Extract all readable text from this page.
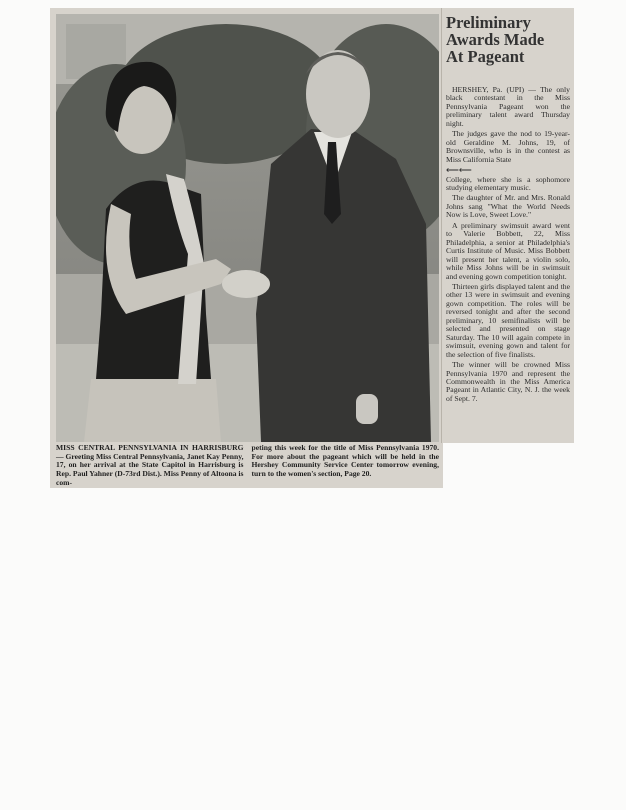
MISS CENTRAL PENNSYLVANIA IN HARRISBURG — Greeting Miss Central Pennsylvania, Janet Kay Penny, 17, on her arrival at the State Capitol in Harrisburg is Rep. Paul Yahner (D-73rd Dist.). Miss Penny of Altoona is com-
peting this week for the title of Miss Pennsylvania 1970. For more about the pageant which will be held in the Hershey Community Service Center tomorrow evening, turn to the women's section, Page 20.
Preliminary
Awards Made
At Pageant

HERSHEY, Pa. (UPI) — The only black contestant in the Miss Pennsylvania Pageant won the preliminary talent award Thursday night.

The judges gave the nod to 19-year-old Geraldine M. Johns, 19, of Brownsville, who is in the contest as Miss California State

⟵⟵

College, where she is a sophomore studying elementary music.

The daughter of Mr. and Mrs. Ronald Johns sang "What the World Needs Now is Love, Sweet Love."

A preliminary swimsuit award went to Valerie Bobbett, 22, Miss Philadelphia, a senior at Philadelphia's Curtis Institute of Music. Miss Bobbett will present her talent, a violin solo, while Miss Johns will be in swimsuit and evening gown competition tonight.

Thirteen girls displayed talent and the other 13 were in swimsuit and evening gown competition. The roles will be reversed tonight and after the second preliminary, 10 semifinalists will be selected and presented on stage Saturday. The 10 will again compete in swimsuit, evening gown and talent for the selection of five finalists.

The winner will be crowned Miss Pennsylvania 1970 and represent the Commonwealth in the Miss America Pageant in Atlantic City, N. J. the week of Sept. 7.
